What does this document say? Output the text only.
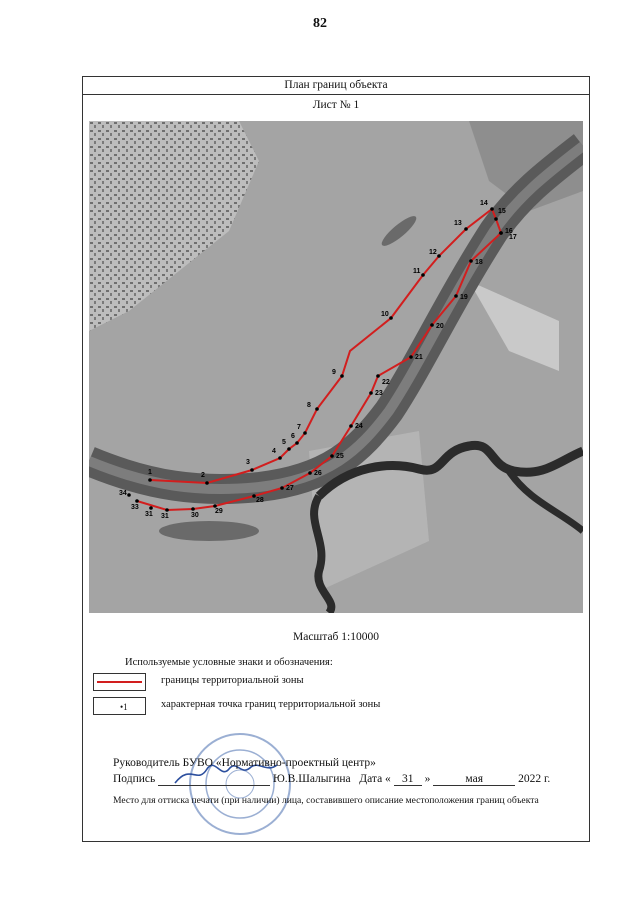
82
План границ объекта
Лист № 1
1	2
3
4
5
6
7
8
9
10
11
12
13
14
15
16
17
18
19
20
21
22
23
24
25
26
27
28
29
30
31
31
33
34
Масштаб 1:10000
Используемые условные знаки и обозначения:
границы территориальной зоны
•1	характерная точка границ территориальной зоны
Руководитель БУВО «Нормативно-проектный центр»
Подпись	Ю.В.Шалыгина Дата « 31 »	мая	2022 г.
Место для оттиска печати (при наличии) лица, составившего описание местоположения границ объекта
